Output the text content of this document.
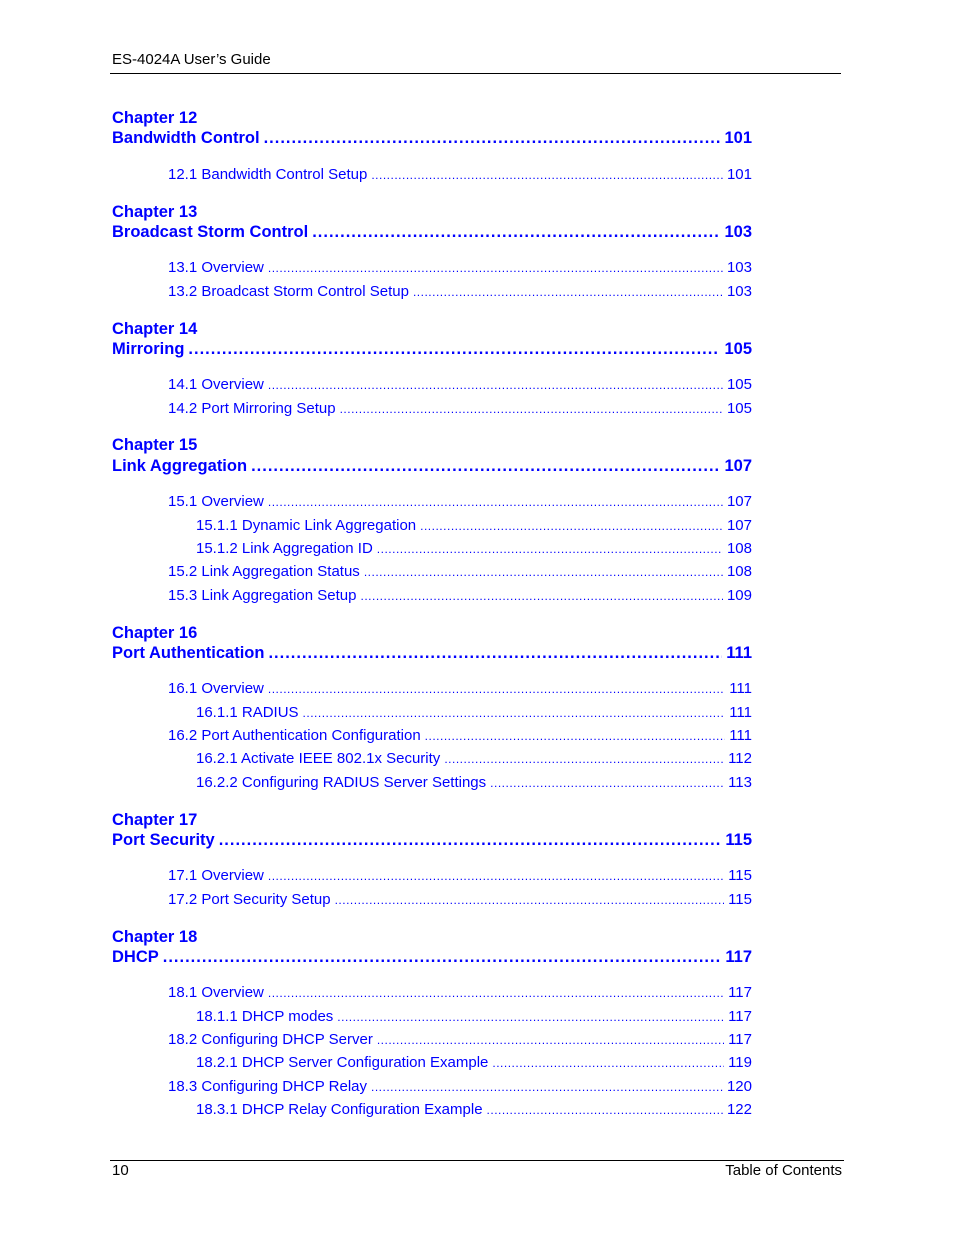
ES-4024A User’s Guide
Chapter 12
Bandwidth Control .....	101
12.1 Bandwidth Control Setup .....	101
Chapter 13
Broadcast Storm Control .....	103
13.1 Overview .....	103
13.2 Broadcast Storm Control Setup .....	103
Chapter 14
Mirroring .....	105
14.1 Overview .....	105
14.2 Port Mirroring Setup .....	105
Chapter 15
Link Aggregation .....	107
15.1 Overview .....	107
15.1.1 Dynamic Link Aggregation .....	107
15.1.2 Link Aggregation ID .....	108
15.2 Link Aggregation Status .....	108
15.3 Link Aggregation Setup .....	109
Chapter 16
Port Authentication .....	111
16.1 Overview .....	111
16.1.1 RADIUS .....	111
16.2 Port Authentication Configuration .....	111
16.2.1 Activate IEEE 802.1x Security .....	112
16.2.2 Configuring RADIUS Server Settings .....	113
Chapter 17
Port Security .....	115
17.1 Overview .....	115
17.2 Port Security Setup .....	115
Chapter 18
DHCP .....	117
18.1 Overview .....	117
18.1.1 DHCP modes .....	117
18.2 Configuring DHCP Server .....	117
18.2.1 DHCP Server Configuration Example .....	119
18.3 Configuring DHCP Relay .....	120
18.3.1 DHCP Relay Configuration Example .....	122
10	Table of Contents
